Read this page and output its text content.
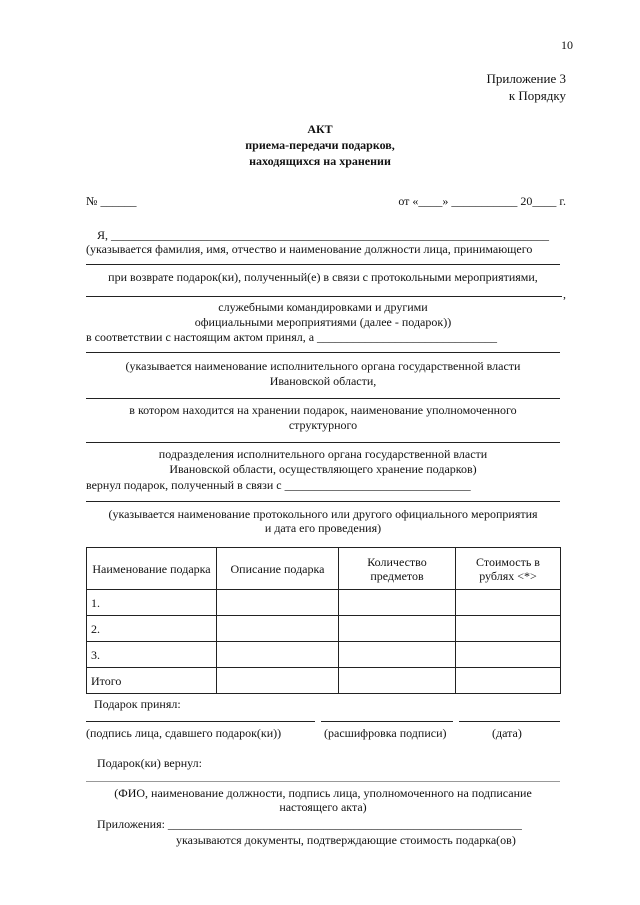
10
Приложение 3
к Порядку
АКТ
приема-передачи подарков,
находящихся на хранении
№ ______	от «____» ___________ 20____ г.
Я, _________________________________________________________________________
(указывается фамилия, имя, отчество и наименование должности лица, принимающего
при возврате подарок(ки), полученный(е) в связи с протокольными мероприятиями,
,
служебными командировками и другими
официальными мероприятиями (далее - подарок))
в соответствии с настоящим актом принял, а ______________________________
(указывается наименование исполнительного органа государственной власти
Ивановской области,
в котором находится на хранении подарок, наименование уполномоченного
структурного
подразделения исполнительного органа государственной власти
Ивановской области, осуществляющего хранение подарков)
вернул подарок, полученный в связи с _______________________________
(указывается наименование протокольного или другого официального мероприятия
и дата его проведения)
Наименование подарка	Описание подарка	Количество предметов	Стоимость в рублях <*>
1.			
2.			
3.			
Итого			
Подарок принял:
(подпись лица, сдавшего подарок(ки))	(расшифровка подписи)	(дата)
Подарок(ки) вернул:
(ФИО, наименование должности, подпись лица, уполномоченного на подписание
настоящего акта)
Приложения: ___________________________________________________________
указываются документы, подтверждающие стоимость подарка(ов)
